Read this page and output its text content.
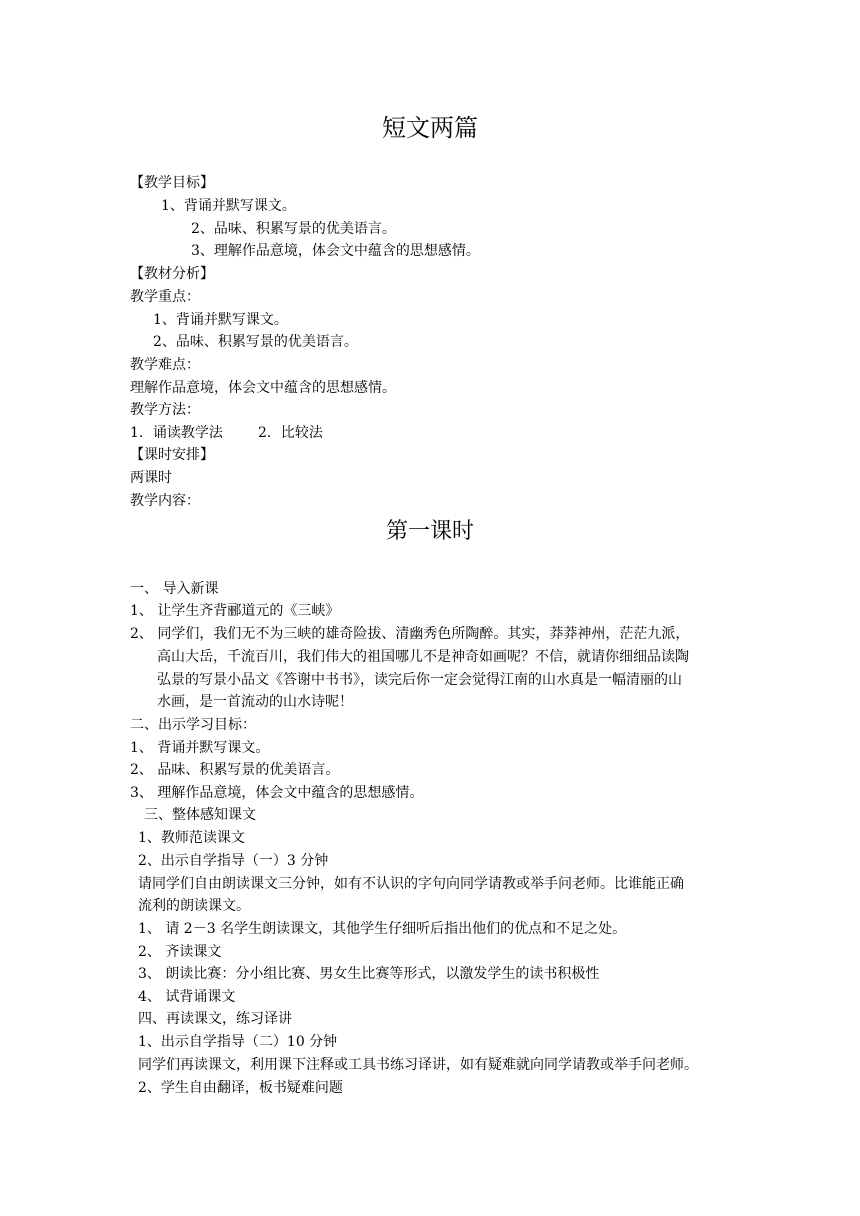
短文两篇
【教学目标】
1、背诵并默写课文。
2、品味、积累写景的优美语言。
3、理解作品意境，体会文中蕴含的思想感情。
【教材分析】
教学重点：
1、背诵并默写课文。
2、品味、积累写景的优美语言。
教学难点：
理解作品意境，体会文中蕴含的思想感情。
教学方法：
1．诵读教学法	2．比较法
【课时安排】
两课时
教学内容：
第一课时
一、 导入新课
1、 让学生齐背郦道元的《三峡》
2、 同学们，我们无不为三峡的雄奇险拔、清幽秀色所陶醉。其实，莽莽神州，茫茫九派，
高山大岳，千流百川，我们伟大的祖国哪儿不是神奇如画呢？不信，就请你细细品读陶
弘景的写景小品文《答谢中书书》，读完后你一定会觉得江南的山水真是一幅清丽的山
水画，是一首流动的山水诗呢！
二、出示学习目标：
1、 背诵并默写课文。
2、 品味、积累写景的优美语言。
3、 理解作品意境，体会文中蕴含的思想感情。
三、整体感知课文
1、教师范读课文
2、出示自学指导（一）3 分钟
请同学们自由朗读课文三分钟，如有不认识的字句向同学请教或举手问老师。比谁能正确
流利的朗读课文。
1、 请 2－3 名学生朗读课文，其他学生仔细听后指出他们的优点和不足之处。
2、 齐读课文
3、 朗读比赛：分小组比赛、男女生比赛等形式，以激发学生的读书积极性
4、 试背诵课文
四、再读课文，练习译讲
1、出示自学指导（二）10 分钟
同学们再读课文，利用课下注释或工具书练习译讲，如有疑难就向同学请教或举手问老师。
2、学生自由翻译，板书疑难问题
